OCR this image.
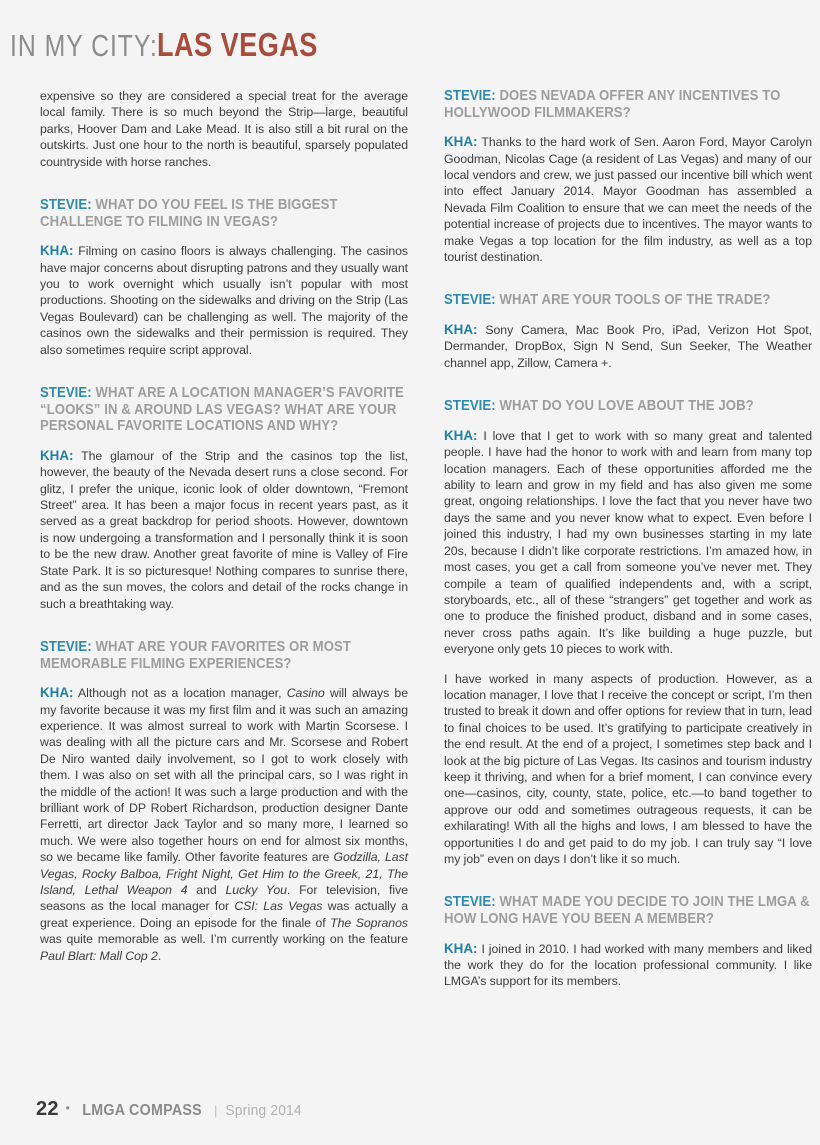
IN MY CITY:LAS VEGAS

expensive so they are considered a special treat for the average local family. There is so much beyond the Strip—large, beautiful parks, Hoover Dam and Lake Mead. It is also still a bit rural on the outskirts. Just one hour to the north is beautiful, sparsely populated countryside with horse ranches.

STEVIE: WHAT DO YOU FEEL IS THE BIGGEST CHALLENGE TO FILMING IN VEGAS?

KHA: Filming on casino floors is always challenging. The casinos have major concerns about disrupting patrons and they usually want you to work overnight which usually isn’t popular with most productions. Shooting on the sidewalks and driving on the Strip (Las Vegas Boulevard) can be challenging as well. The majority of the casinos own the sidewalks and their permission is required. They also sometimes require script approval.

STEVIE: WHAT ARE A LOCATION MANAGER’S FAVORITE “LOOKS” IN & AROUND LAS VEGAS? WHAT ARE YOUR PERSONAL FAVORITE LOCATIONS AND WHY?

KHA: The glamour of the Strip and the casinos top the list, however, the beauty of the Nevada desert runs a close second. For glitz, I prefer the unique, iconic look of older downtown, “Fremont Street” area. It has been a major focus in recent years past, as it served as a great backdrop for period shoots. However, downtown is now undergoing a transformation and I personally think it is soon to be the new draw. Another great favorite of mine is Valley of Fire State Park. It is so picturesque! Nothing compares to sunrise there, and as the sun moves, the colors and detail of the rocks change in such a breathtaking way.

STEVIE: WHAT ARE YOUR FAVORITES OR MOST MEMORABLE FILMING EXPERIENCES?

KHA: Although not as a location manager, Casino will always be my favorite because it was my first film and it was such an amazing experience. It was almost surreal to work with Martin Scorsese. I was dealing with all the picture cars and Mr. Scorsese and Robert De Niro wanted daily involvement, so I got to work closely with them. I was also on set with all the principal cars, so I was right in the middle of the action! It was such a large production and with the brilliant work of DP Robert Richardson, production designer Dante Ferretti, art director Jack Taylor and so many more, I learned so much. We were also together hours on end for almost six months, so we became like family. Other favorite features are Godzilla, Last Vegas, Rocky Balboa, Fright Night, Get Him to the Greek, 21, The Island, Lethal Weapon 4 and Lucky You. For television, five seasons as the local manager for CSI: Las Vegas was actually a great experience. Doing an episode for the finale of The Sopranos was quite memorable as well. I’m currently working on the feature Paul Blart: Mall Cop 2.

STEVIE: DOES NEVADA OFFER ANY INCENTIVES TO HOLLYWOOD FILMMAKERS?

KHA: Thanks to the hard work of Sen. Aaron Ford, Mayor Carolyn Goodman, Nicolas Cage (a resident of Las Vegas) and many of our local vendors and crew, we just passed our incentive bill which went into effect January 2014. Mayor Goodman has assembled a Nevada Film Coalition to ensure that we can meet the needs of the potential increase of projects due to incentives. The mayor wants to make Vegas a top location for the film industry, as well as a top tourist destination.

STEVIE: WHAT ARE YOUR TOOLS OF THE TRADE?

KHA: Sony Camera, Mac Book Pro, iPad, Verizon Hot Spot, Dermander, DropBox, Sign N Send, Sun Seeker, The Weather channel app, Zillow, Camera +.

STEVIE: WHAT DO YOU LOVE ABOUT THE JOB?

KHA: I love that I get to work with so many great and talented people. I have had the honor to work with and learn from many top location managers. Each of these opportunities afforded me the ability to learn and grow in my field and has also given me some great, ongoing relationships. I love the fact that you never have two days the same and you never know what to expect. Even before I joined this industry, I had my own businesses starting in my late 20s, because I didn’t like corporate restrictions. I’m amazed how, in most cases, you get a call from someone you’ve never met. They compile a team of qualified independents and, with a script, storyboards, etc., all of these “strangers” get together and work as one to produce the finished product, disband and in some cases, never cross paths again. It’s like building a huge puzzle, but everyone only gets 10 pieces to work with.

I have worked in many aspects of production. However, as a location manager, I love that I receive the concept or script, I’m then trusted to break it down and offer options for review that in turn, lead to final choices to be used. It’s gratifying to participate creatively in the end result. At the end of a project, I sometimes step back and I look at the big picture of Las Vegas. Its casinos and tourism industry keep it thriving, and when for a brief moment, I can convince every one—casinos, city, county, state, police, etc.—to band together to approve our odd and sometimes outrageous requests, it can be exhilarating! With all the highs and lows, I am blessed to have the opportunities I do and get paid to do my job. I can truly say “I love my job” even on days I don’t like it so much.

STEVIE: WHAT MADE YOU DECIDE TO JOIN THE LMGA & HOW LONG HAVE YOU BEEN A MEMBER?

KHA: I joined in 2010. I had worked with many members and liked the work they do for the location professional community. I like LMGA’s support for its members.

22 • LMGA COMPASS | Spring 2014
